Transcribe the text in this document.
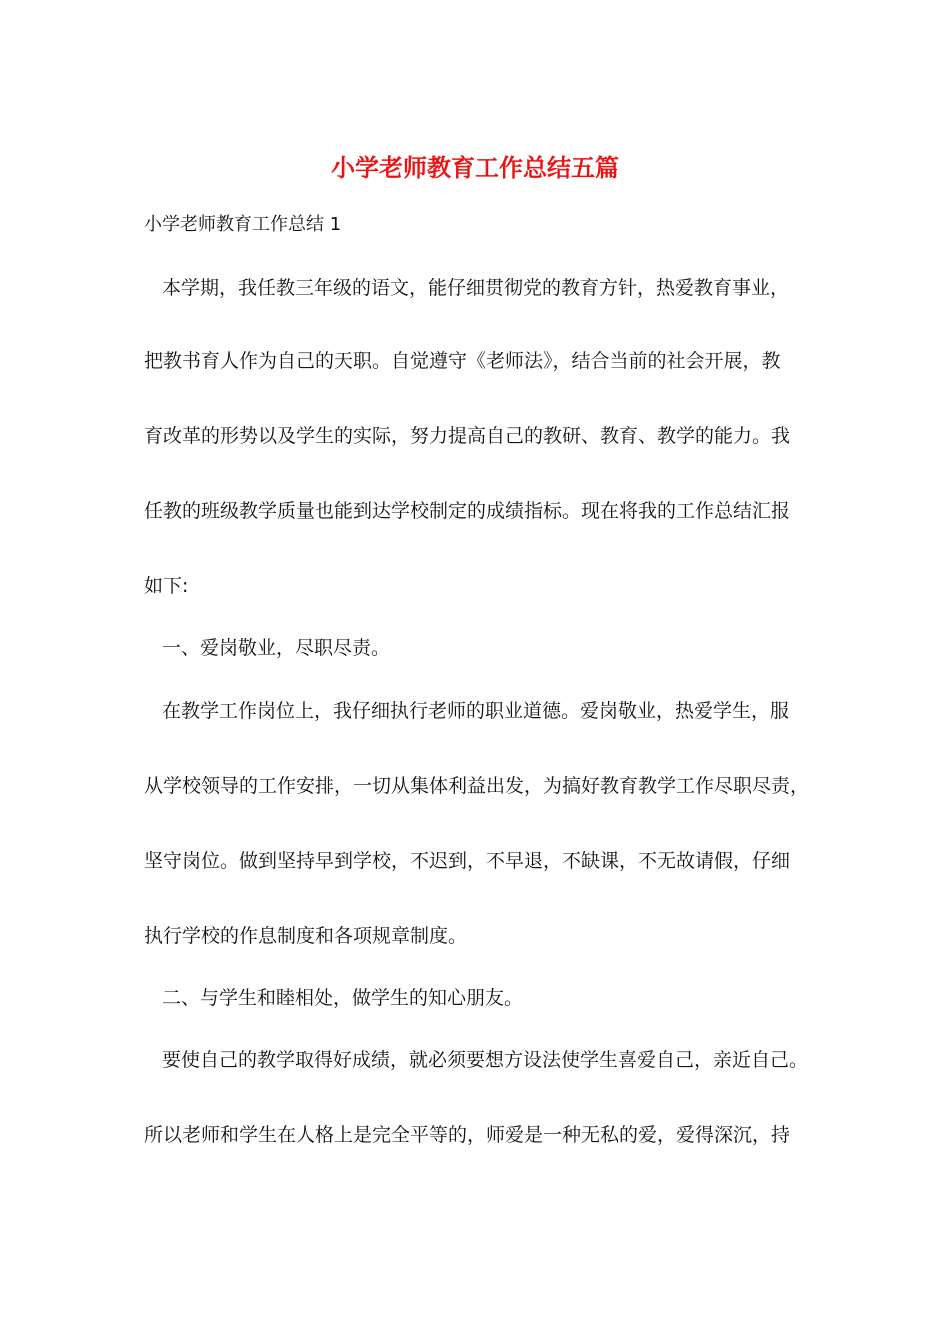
小学老师教育工作总结五篇

小学老师教育工作总结 1

本学期，我任教三年级的语文，能仔细贯彻党的教育方针，热爱教育事业，

把教书育人作为自己的天职。自觉遵守《老师法》，结合当前的社会开展，教

育改革的形势以及学生的实际，努力提高自己的教研、教育、教学的能力。我

任教的班级教学质量也能到达学校制定的成绩指标。现在将我的工作总结汇报

如下:

一、爱岗敬业，尽职尽责。

在教学工作岗位上，我仔细执行老师的职业道德。爱岗敬业，热爱学生，服

从学校领导的工作安排，一切从集体利益出发，为搞好教育教学工作尽职尽责，

坚守岗位。做到坚持早到学校，不迟到，不早退，不缺课，不无故请假，仔细

执行学校的作息制度和各项规章制度。

二、与学生和睦相处，做学生的知心朋友。

要使自己的教学取得好成绩，就必须要想方设法使学生喜爱自己，亲近自己。

所以老师和学生在人格上是完全平等的，师爱是一种无私的爱，爱得深沉，持
